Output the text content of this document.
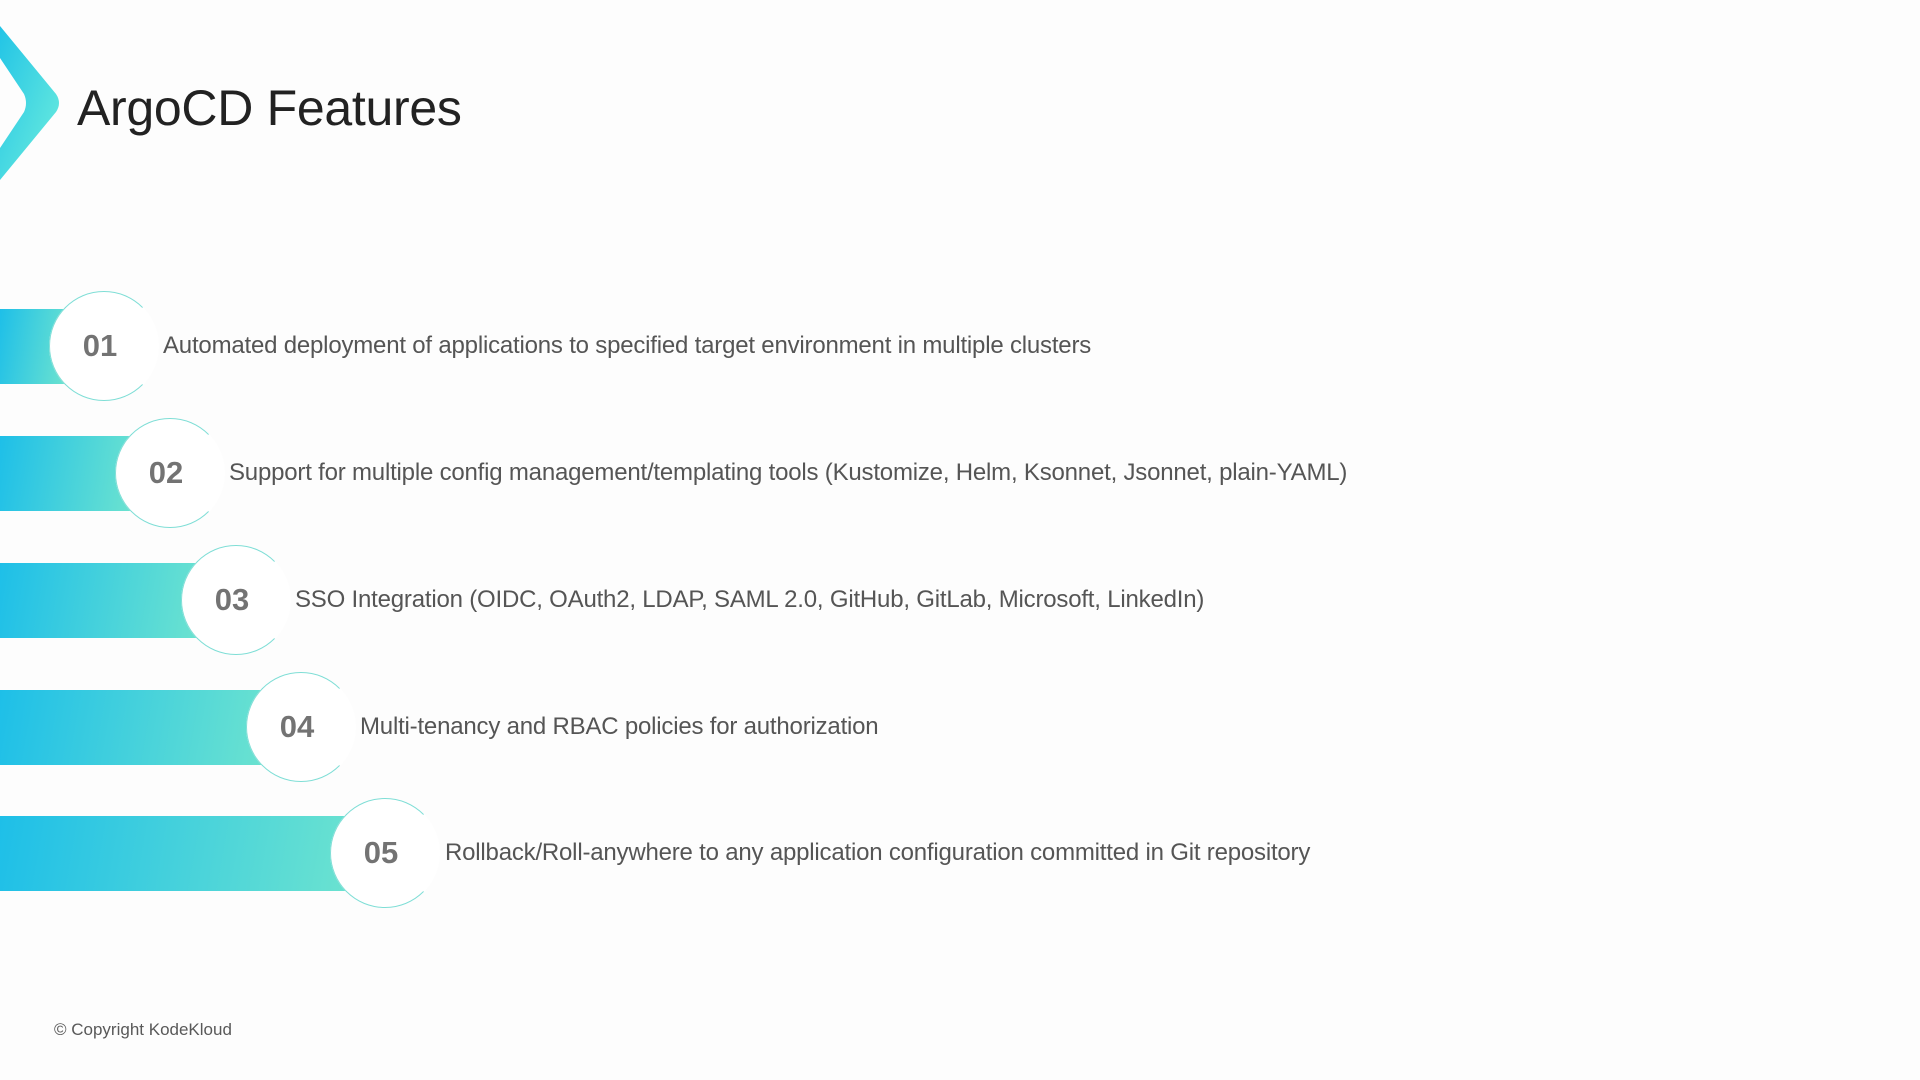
ArgoCD Features
01	Automated deployment of applications to specified target environment in multiple clusters
02	Support for multiple config management/templating tools (Kustomize, Helm, Ksonnet, Jsonnet, plain-YAML)
03	SSO Integration (OIDC, OAuth2, LDAP, SAML 2.0, GitHub, GitLab, Microsoft, LinkedIn)
04	Multi-tenancy and RBAC policies for authorization
05	Rollback/Roll-anywhere to any application configuration committed in Git repository
© Copyright KodeKloud
